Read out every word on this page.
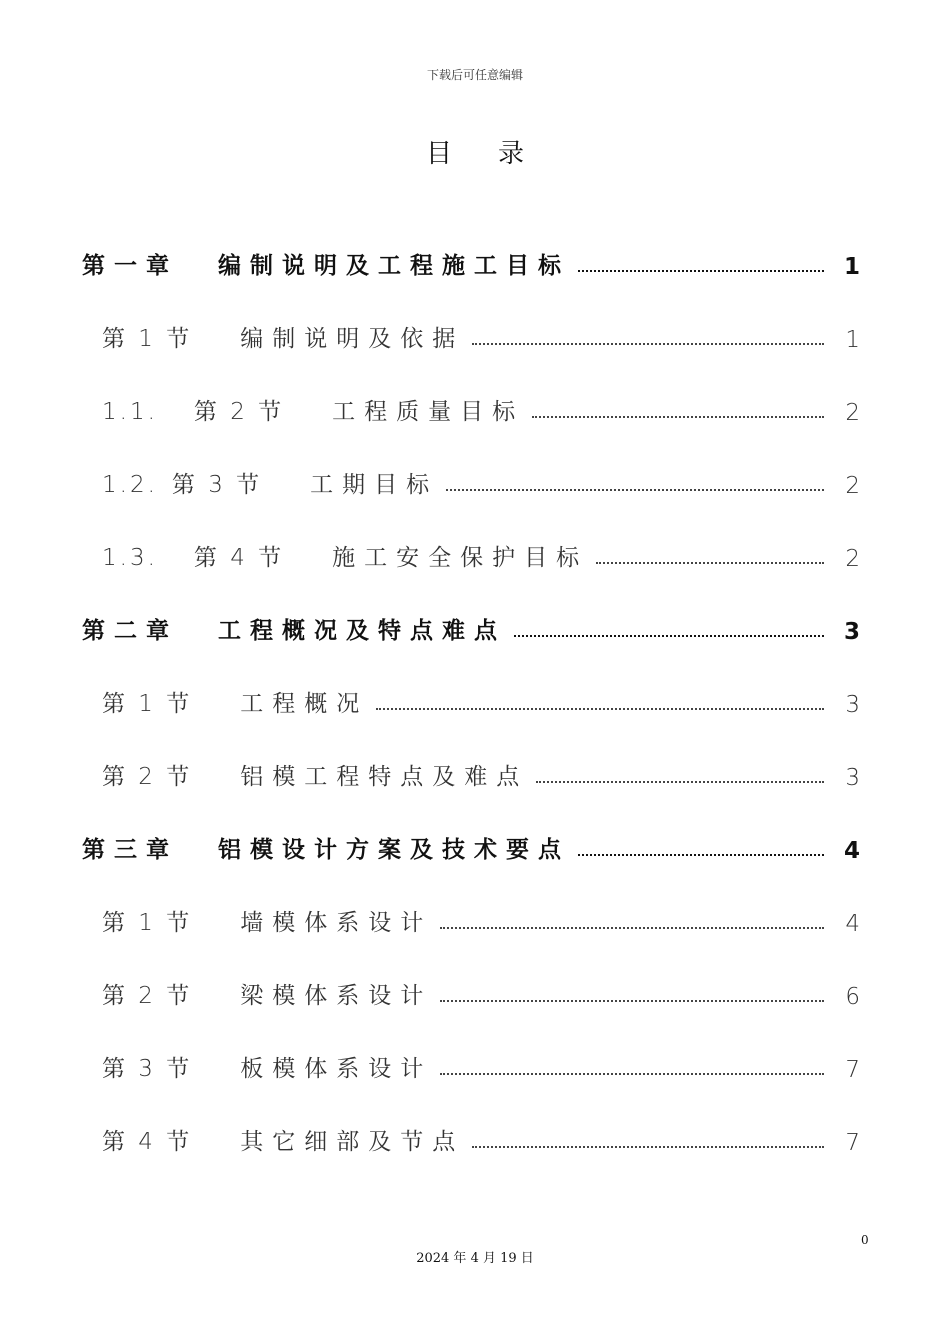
下载后可任意编辑
目录
第一章 编制说明及工程施工目标	1
第 1 节 编制说明及依据	1
1.1. 第 2 节 工程质量目标	2
1.2. 第 3 节 工期目标	2
1.3. 第 4 节 施工安全保护目标	2
第二章 工程概况及特点难点	3
第 1 节 工程概况	3
第 2 节 铝模工程特点及难点	3
第三章 铝模设计方案及技术要点	4
第 1 节 墙模体系设计	4
第 2 节 梁模体系设计	6
第 3 节 板模体系设计	7
第 4 节 其它细部及节点	7
0
2024 年 4 月 19 日
